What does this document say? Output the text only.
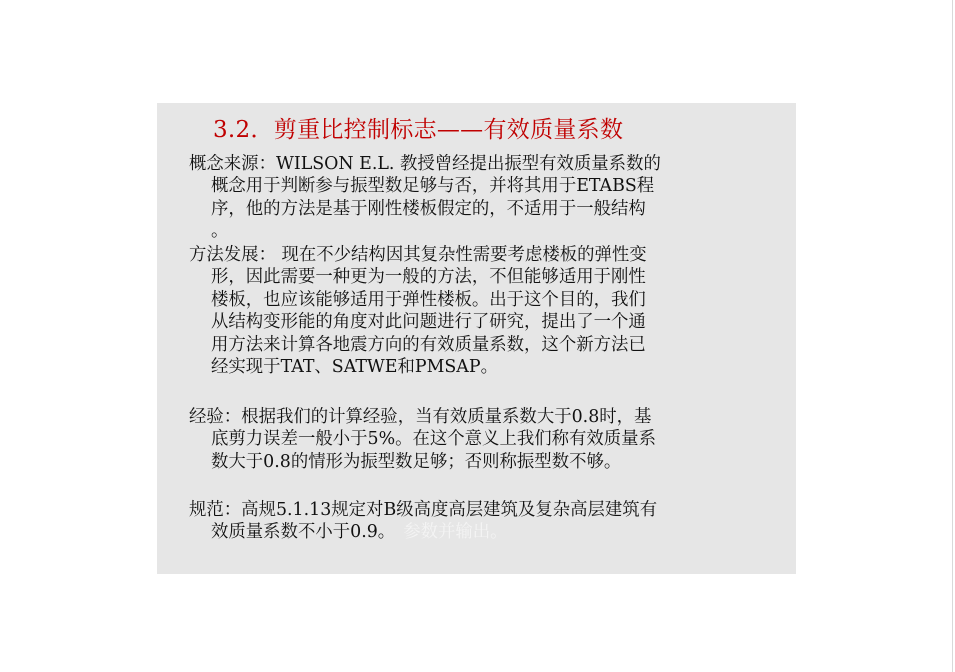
3.2．剪重比控制标志——有效质量系数
概念来源：WILSON E.L. 教授曾经提出振型有效质量系数的
概念用于判断参与振型数足够与否，并将其用于ETABS程
序，他的方法是基于刚性楼板假定的，不适用于一般结构
。
方法发展： 现在不少结构因其复杂性需要考虑楼板的弹性变
形，因此需要一种更为一般的方法，不但能够适用于刚性
楼板，也应该能够适用于弹性楼板。出于这个目的，我们
从结构变形能的角度对此问题进行了研究，提出了一个通
用方法来计算各地震方向的有效质量系数，这个新方法已
经实现于TAT、SATWE和PMSAP。
经验：根据我们的计算经验，当有效质量系数大于0.8时，基
底剪力误差一般小于5%。在这个意义上我们称有效质量系
数大于0.8的情形为振型数足够；否则称振型数不够。
规范：高规5.1.13规定对B级高度高层建筑及复杂高层建筑有
效质量系数不小于0.9。 参数并输出。
